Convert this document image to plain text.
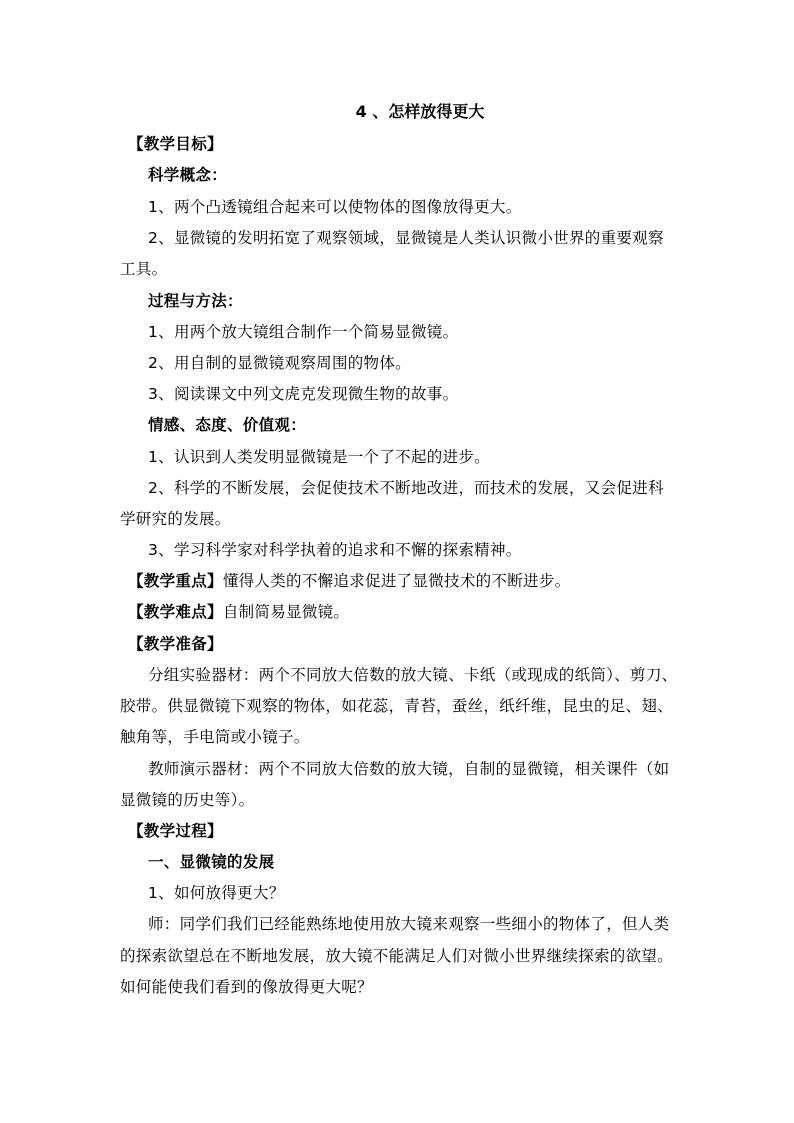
4 、怎样放得更大
【教学目标】
科学概念：
1、两个凸透镜组合起来可以使物体的图像放得更大。
2、显微镜的发明拓宽了观察领域，显微镜是人类认识微小世界的重要观察
工具。
过程与方法：
1、用两个放大镜组合制作一个简易显微镜。
2、用自制的显微镜观察周围的物体。
3、阅读课文中列文虎克发现微生物的故事。
情感、态度、价值观：
1、认识到人类发明显微镜是一个了不起的进步。
2、科学的不断发展，会促使技术不断地改进，而技术的发展，又会促进科
学研究的发展。
3、学习科学家对科学执着的追求和不懈的探索精神。
【教学重点】懂得人类的不懈追求促进了显微技术的不断进步。
【教学难点】自制简易显微镜。
【教学准备】
分组实验器材：两个不同放大倍数的放大镜、卡纸（或现成的纸筒）、剪刀、
胶带。供显微镜下观察的物体，如花蕊，青苔，蚕丝，纸纤维，昆虫的足、翅、
触角等，手电筒或小镜子。
教师演示器材：两个不同放大倍数的放大镜，自制的显微镜，相关课件（如
显微镜的历史等）。
【教学过程】
一、显微镜的发展
1、如何放得更大？
师：同学们我们已经能熟练地使用放大镜来观察一些细小的物体了，但人类
的探索欲望总在不断地发展，放大镜不能满足人们对微小世界继续探索的欲望。
如何能使我们看到的像放得更大呢？
